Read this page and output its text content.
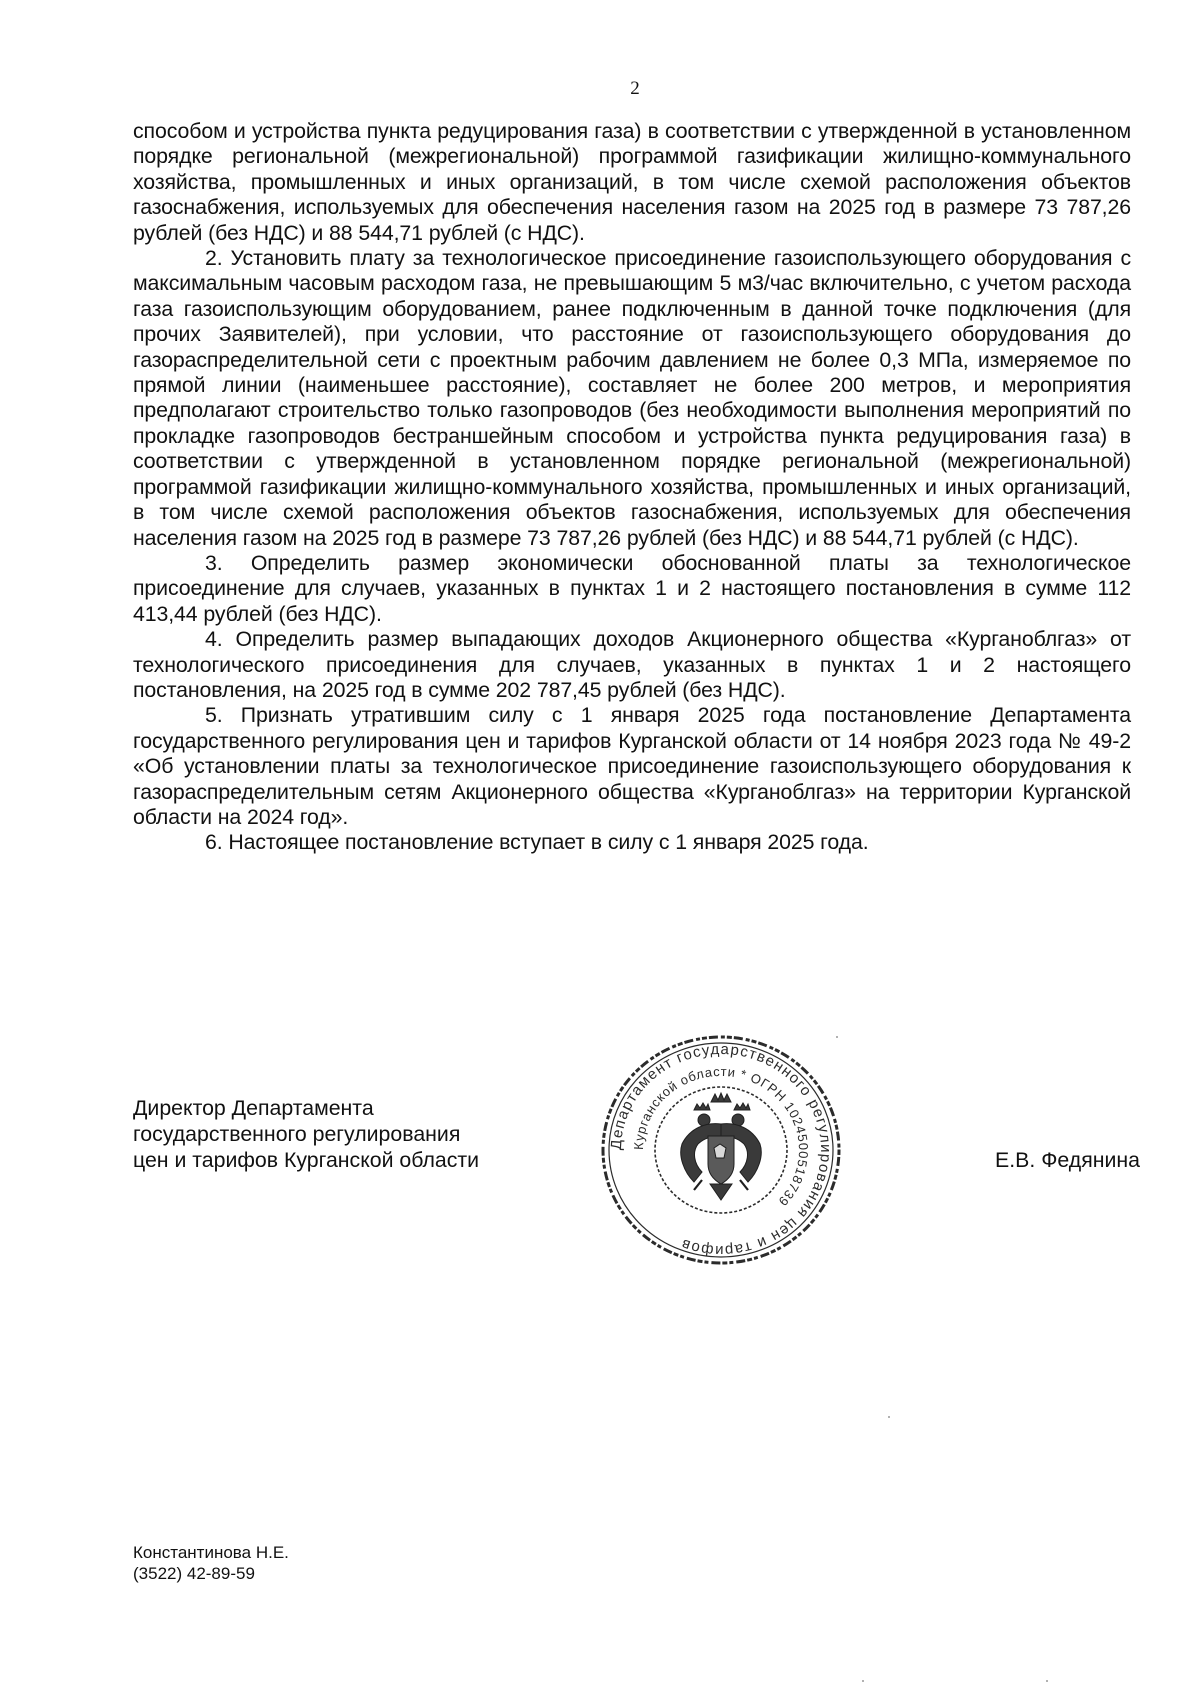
2

способом и устройства пункта редуцирования газа) в соответствии с утвержденной в установленном порядке региональной (межрегиональной) программой газификации жилищно-коммунального хозяйства, промышленных и иных организаций, в том числе схемой расположения объектов газоснабжения, используемых для обеспечения населения газом на 2025 год в размере 73 787,26 рублей (без НДС) и 88 544,71 рублей (с НДС).

2. Установить плату за технологическое присоединение газоиспользующего оборудования с максимальным часовым расходом газа, не превышающим 5 м3/час включительно, с учетом расхода газа газоиспользующим оборудованием, ранее подключенным в данной точке подключения (для прочих Заявителей), при условии, что расстояние от газоиспользующего оборудования до газораспределительной сети с проектным рабочим давлением не более 0,3 МПа, измеряемое по прямой линии (наименьшее расстояние), составляет не более 200 метров, и мероприятия предполагают строительство только газопроводов (без необходимости выполнения мероприятий по прокладке газопроводов бестраншейным способом и устройства пункта редуцирования газа) в соответствии с утвержденной в установленном порядке региональной (межрегиональной) программой газификации жилищно-коммунального хозяйства, промышленных и иных организаций, в том числе схемой расположения объектов газоснабжения, используемых для обеспечения населения газом на 2025 год в размере 73 787,26 рублей (без НДС) и 88 544,71 рублей (с НДС).

3. Определить размер экономически обоснованной платы за технологическое присоединение для случаев, указанных в пунктах 1 и 2 настоящего постановления в сумме 112 413,44 рублей (без НДС).

4. Определить размер выпадающих доходов Акционерного общества «Курганоблгаз» от технологического присоединения для случаев, указанных в пунктах 1 и 2 настоящего постановления, на 2025 год в сумме 202 787,45 рублей (без НДС).

5. Признать утратившим силу с 1 января 2025 года постановление Департамента государственного регулирования цен и тарифов Курганской области от 14 ноября 2023 года № 49-2 «Об установлении платы за технологическое присоединение газоиспользующего оборудования к газораспределительным сетям Акционерного общества «Курганоблгаз» на территории Курганской области на 2024 год».

6. Настоящее постановление вступает в силу с 1 января 2025 года.

Директор Департамента
государственного регулирования
цен и тарифов Курганской области
Департамент государственного регулирования цен и тарифов
Курганской области * ОГРН 1024500518739
Е.В. Федянина
Константинова Н.Е.
(3522) 42-89-59
